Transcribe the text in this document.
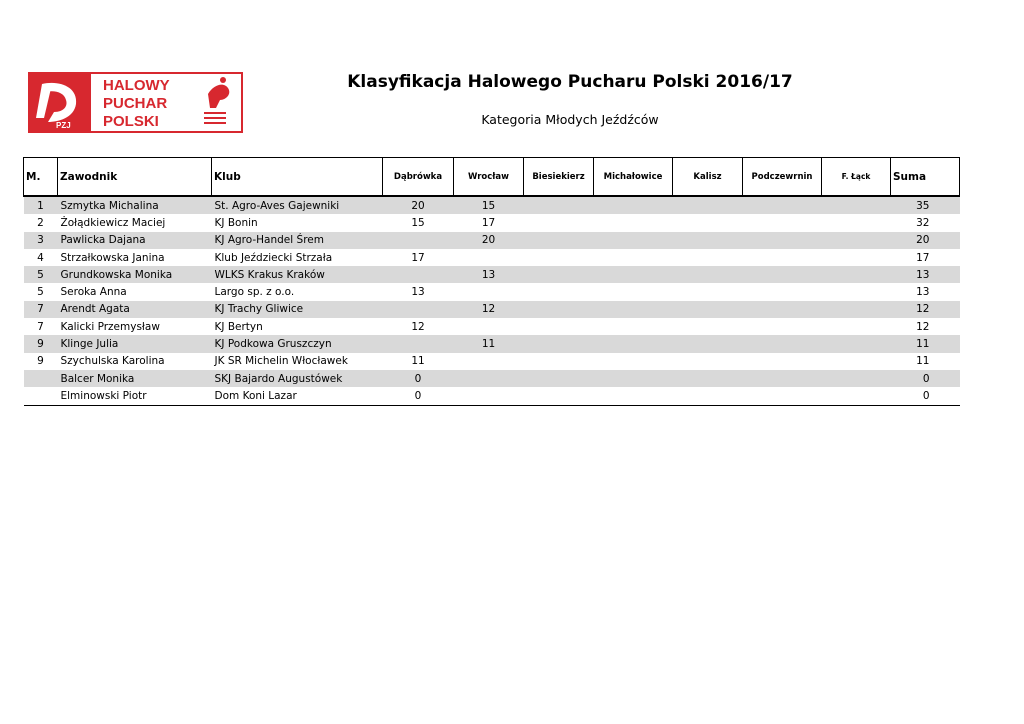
PZJ
HALOWY
PUCHAR
POLSKI
Klasyfikacja Halowego Pucharu Polski 2016/17
Kategoria Młodych Jeźdźców
M.	Zawodnik	Klub	Dąbrówka	Wrocław	Biesiekierz	Michałowice	Kalisz	Podczewrnin	F. Łąck	Suma
1	Szmytka Michalina	St. Agro-Aves Gajewniki	20	15						35
2	Żołądkiewicz Maciej	KJ Bonin	15	17						32
3	Pawlicka Dajana	KJ Agro-Handel Śrem		20						20
4	Strzałkowska Janina	Klub Jeździecki Strzała	17							17
5	Grundkowska Monika	WLKS Krakus Kraków		13						13
5	Seroka Anna	Largo sp. z o.o.	13							13
7	Arendt Agata	KJ Trachy Gliwice		12						12
7	Kalicki Przemysław	KJ Bertyn	12							12
9	Klinge Julia	KJ Podkowa Gruszczyn		11						11
9	Szychulska Karolina	JK SR Michelin Włocławek	11							11
	Balcer Monika	SKJ Bajardo Augustówek	0							0
	Elminowski Piotr	Dom Koni Lazar	0							0
